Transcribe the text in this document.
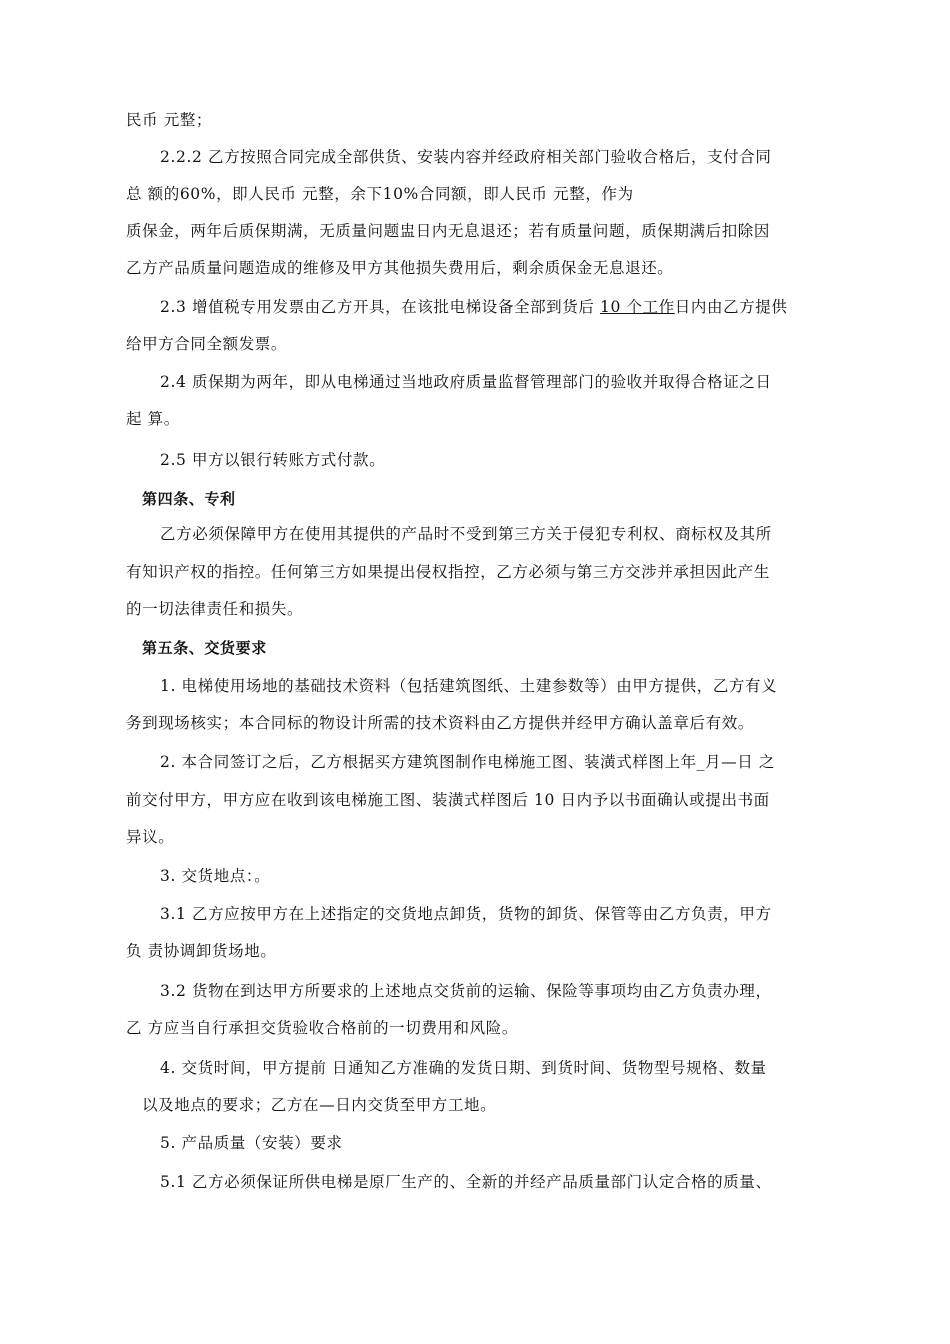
民币 元整；
2.2.2 乙方按照合同完成全部供货、安装内容并经政府相关部门验收合格后，支付合同
总 额的60%，即人民币 元整，余下10%合同额，即人民币 元整，作为
质保金，两年后质保期满，无质量问题盅日内无息退还；若有质量问题，质保期满后扣除因
乙方产品质量问题造成的维修及甲方其他损失费用后，剩余质保金无息退还。
2.3 增值税专用发票由乙方开具，在该批电梯设备全部到货后 10 个工作日内由乙方提供
给甲方合同全额发票。
2.4 质保期为两年，即从电梯通过当地政府质量监督管理部门的验收并取得合格证之日
起 算。
2.5 甲方以银行转账方式付款。
第四条、专利
乙方必须保障甲方在使用其提供的产品时不受到第三方关于侵犯专利权、商标权及其所
有知识产权的指控。任何第三方如果提出侵权指控，乙方必须与第三方交涉并承担因此产生
的一切法律责任和损失。
第五条、交货要求
1. 电梯使用场地的基础技术资料（包括建筑图纸、土建参数等）由甲方提供，乙方有义
务到现场核实；本合同标的物设计所需的技术资料由乙方提供并经甲方确认盖章后有效。
2. 本合同签订之后，乙方根据买方建筑图制作电梯施工图、装潢式样图上年_月—日 之
前交付甲方，甲方应在收到该电梯施工图、装潢式样图后 10 日内予以书面确认或提出书面
异议。
3. 交货地点：。
3.1 乙方应按甲方在上述指定的交货地点卸货，货物的卸货、保管等由乙方负责，甲方
负 责协调卸货场地。
3.2 货物在到达甲方所要求的上述地点交货前的运输、保险等事项均由乙方负责办理，
乙 方应当自行承担交货验收合格前的一切费用和风险。
4. 交货时间，甲方提前 日通知乙方准确的发货日期、到货时间、货物型号规格、数量
以及地点的要求；乙方在—日内交货至甲方工地。
5. 产品质量（安装）要求
5.1 乙方必须保证所供电梯是原厂生产的、全新的并经产品质量部门认定合格的质量、
